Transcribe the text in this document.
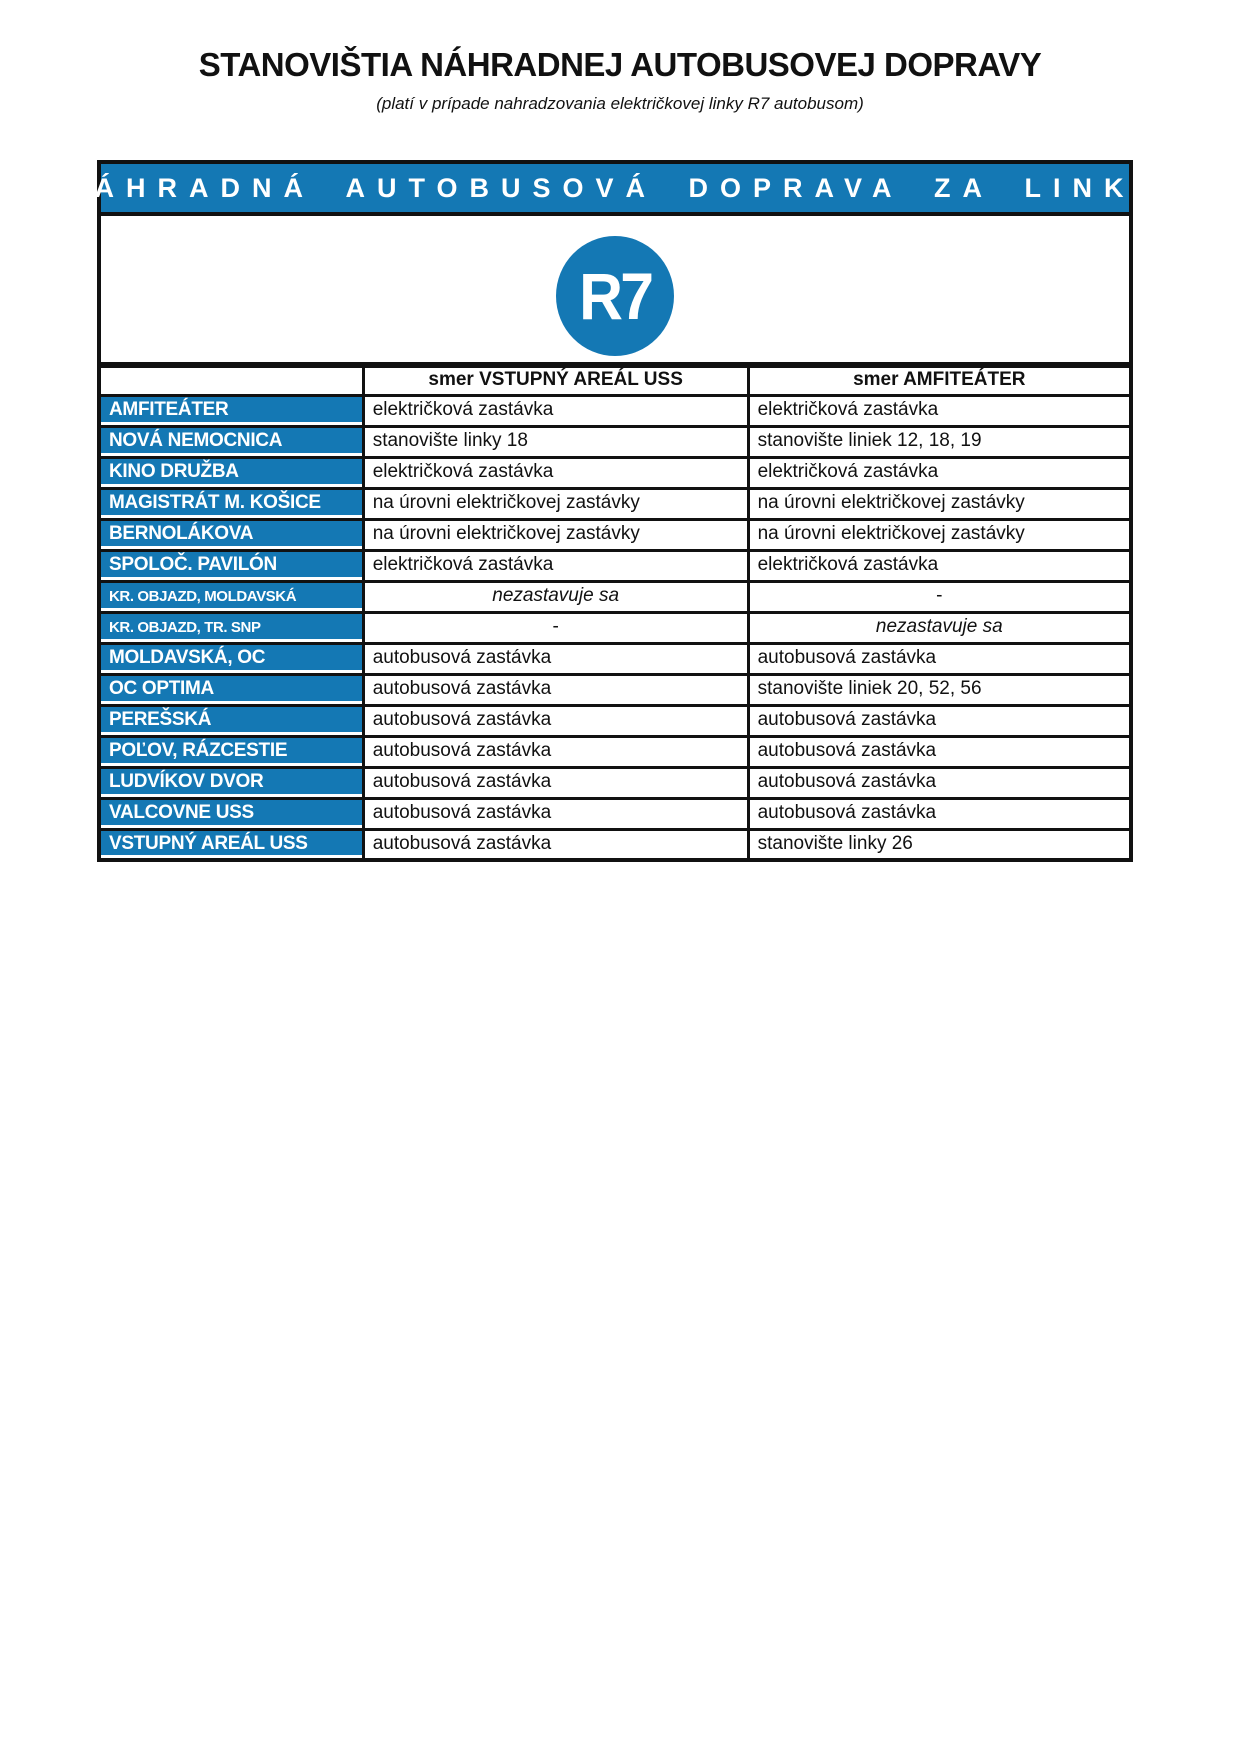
STANOVIŠTIA NÁHRADNEJ AUTOBUSOVEJ DOPRAVY
(platí v prípade nahradzovania električkovej linky R7 autobusom)
NÁHRADNÁ AUTOBUSOVÁ DOPRAVA ZA LINKU
R7
	smer VSTUPNÝ AREÁL USS	smer AMFITEÁTER
AMFITEÁTER	električková zastávka	električková zastávka
NOVÁ NEMOCNICA	stanovište linky 18	stanovište liniek 12, 18, 19
KINO DRUŽBA	električková zastávka	električková zastávka
MAGISTRÁT M. KOŠICE	na úrovni električkovej zastávky	na úrovni električkovej zastávky
BERNOLÁKOVA	na úrovni električkovej zastávky	na úrovni električkovej zastávky
SPOLOČ. PAVILÓN	električková zastávka	električková zastávka
KR. OBJAZD, MOLDAVSKÁ	nezastavuje sa	-
KR. OBJAZD, TR. SNP	-	nezastavuje sa
MOLDAVSKÁ, OC	autobusová zastávka	autobusová zastávka
OC OPTIMA	autobusová zastávka	stanovište liniek 20, 52, 56
PEREŠSKÁ	autobusová zastávka	autobusová zastávka
POĽOV, RÁZCESTIE	autobusová zastávka	autobusová zastávka
LUDVÍKOV DVOR	autobusová zastávka	autobusová zastávka
VALCOVNE USS	autobusová zastávka	autobusová zastávka
VSTUPNÝ AREÁL USS	autobusová zastávka	stanovište linky 26
